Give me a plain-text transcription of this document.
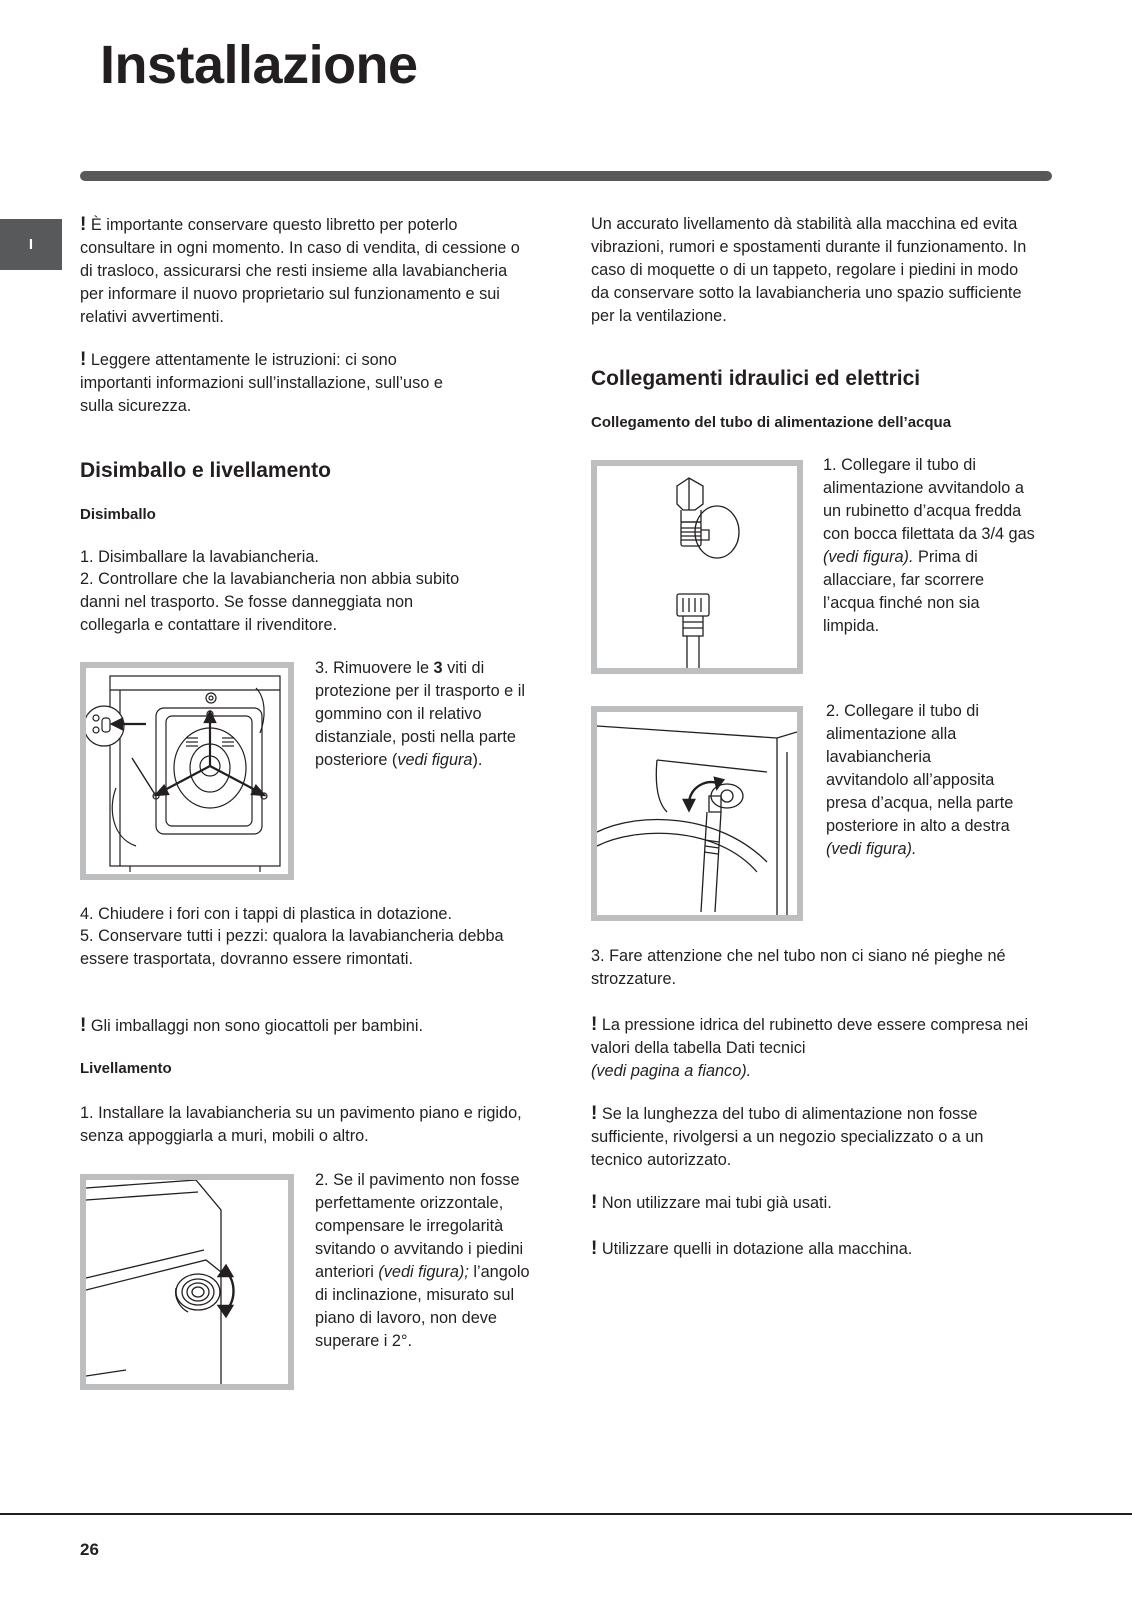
Installazione
I
! È importante conservare questo libretto per poterlo consultare in ogni momento. In caso di vendita, di cessione o di trasloco, assicurarsi che resti insieme alla lavabiancheria per informare il nuovo proprietario sul funzionamento e sui relativi avvertimenti.
! Leggere attentamente le istruzioni: ci sono importanti informazioni sull’installazione, sull’uso e sulla sicurezza.
Disimballo e livellamento
Disimballo
1. Disimballare la lavabiancheria.
2. Controllare che la lavabiancheria non abbia subito danni nel trasporto. Se fosse danneggiata non collegarla e contattare il rivenditore.
3. Rimuovere le 3 viti di protezione per il trasporto e il gommino con il relativo distanziale, posti nella parte posteriore (vedi figura).
4. Chiudere i fori con i tappi di plastica in dotazione.
5. Conservare tutti i pezzi: qualora la lavabiancheria debba essere trasportata, dovranno essere rimontati.
! Gli imballaggi non sono giocattoli per bambini.
Livellamento
1. Installare la lavabiancheria su un pavimento piano e rigido, senza appoggiarla a muri, mobili o altro.
2. Se il pavimento non fosse perfettamente orizzontale, compensare le irregolarità svitando o avvitando i piedini anteriori (vedi figura); l’angolo di inclinazione, misurato sul piano di lavoro, non deve superare i 2°.
Un accurato livellamento dà stabilità alla macchina ed evita vibrazioni, rumori e spostamenti durante il funzionamento. In caso di moquette o di un tappeto, regolare i piedini in modo da conservare sotto la lavabiancheria uno spazio sufficiente per la ventilazione.
Collegamenti idraulici ed elettrici
Collegamento del tubo di alimentazione dell’acqua
1. Collegare il tubo di alimentazione avvitandolo a un rubinetto d’acqua fredda con bocca filettata da 3/4 gas (vedi figura). Prima di allacciare, far scorrere l’acqua finché non sia limpida.

2. Collegare il tubo di alimentazione alla lavabiancheria

avvitandolo all’apposita presa d’acqua, nella parte posteriore in alto a destra

(vedi figura).

3. Fare attenzione che nel tubo non ci siano né pieghe né strozzature.
! La pressione idrica del rubinetto deve essere compresa nei valori della tabella Dati tecnici
(vedi pagina a fianco).
! Se la lunghezza del tubo di alimentazione non fosse sufficiente, rivolgersi a un negozio specializzato o a un tecnico autorizzato.
! Non utilizzare mai tubi già usati.
! Utilizzare quelli in dotazione alla macchina.
26
